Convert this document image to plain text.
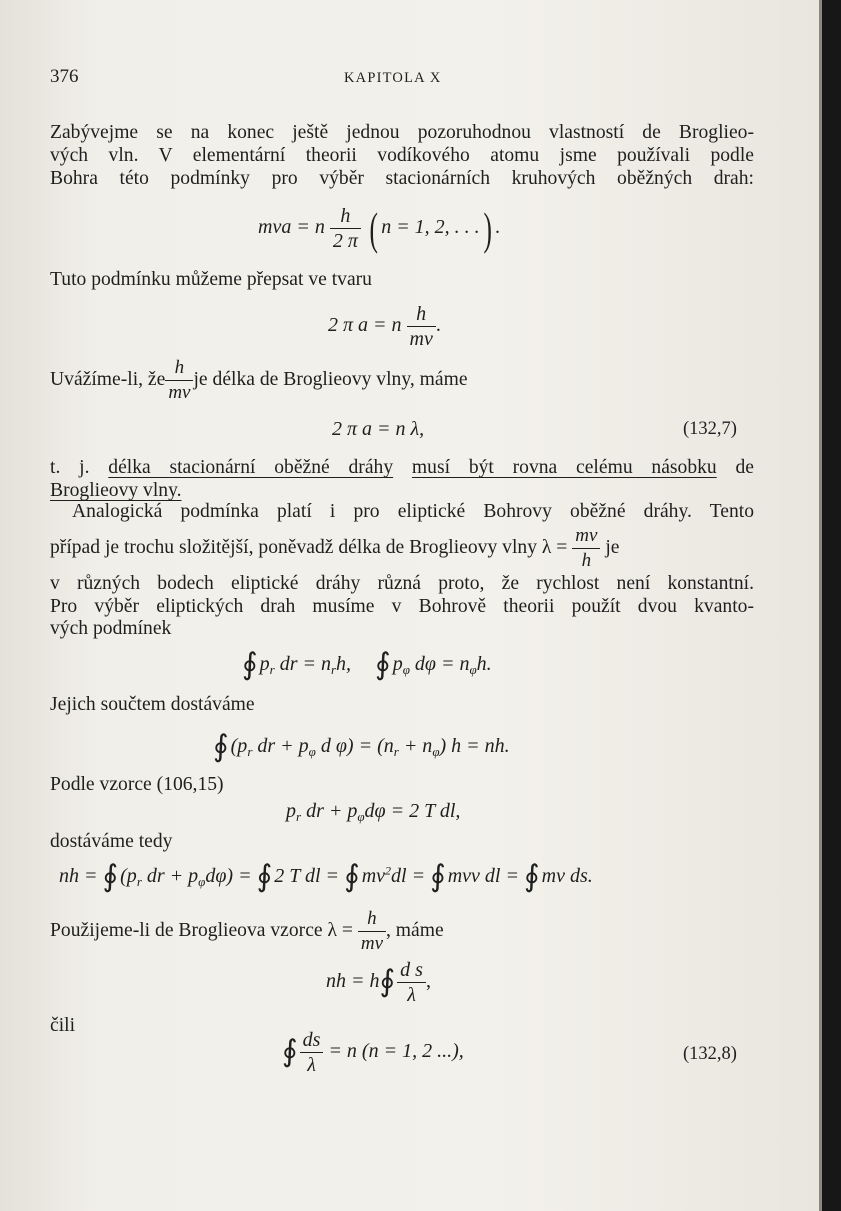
376	KAPITOLA X
Zabývejme se na konec ještě jednou pozoruhodnou vlastností de Broglieo-
vých vln. V elementární theorii vodíkového atomu jsme používali podle
Bohra této podmínky pro výběr stacionárních kruhových oběžných drah:
mva = n $\frac{h}{2 \pi}$ ( n = 1, 2, . . .) .
Tuto podmínku můžeme přepsat ve tvaru
2 π a = n $\frac{h}{mv}$ .
Uvážíme-li, že $\frac{h}{mv}$ je délka de Broglieovy vlny, máme
2 π a = n λ,	(132,7)
t. j. délka stacionární oběžné dráhy musí být rovna celému násobku de
Broglieovy vlny.
Analogická podmínka platí i pro eliptické Bohrovy oběžné dráhy. Tento
případ je trochu složitější, poněvadž délka de Broglieovy vlny $\lambda = \frac{mv}{h}$ je
v různých bodech eliptické dráhy různá proto, že rychlost není konstantní.
Pro výběr eliptických drah musíme v Bohrově theorii použít dvou kvanto-
vých podmínek
∮ $p_r$ dr = $n_rh$, ∮ $p_\varphi$ $d\varphi = n_\varphi h$.
Jejich součtem dostáváme
∮ ($p_r$ dr + $p_\varphi$ d $\varphi) = (n_r + n_\varphi) h$ = nh.
Podle vzorce (106,15)
$p_r$ dr + $p_\varphi d\varphi = 2$ T dl,
dostáváme tedy
nh = ∮ ($p_r$ dr + $p_\varphi d\varphi$) = ∮ 2 T dl = ∮ $mv^2dl$ = ∮ mvv dl = ∮ mv ds.
Použijeme-li de Broglieova vzorce $\lambda = \frac{h}{mv}$ , máme
nh = h∮ $\frac{\text{d s}}{\lambda}$ ,
čili
∮ $\frac{ds}{\lambda} = n$ (n = 1, 2 ...),	(132,8)
